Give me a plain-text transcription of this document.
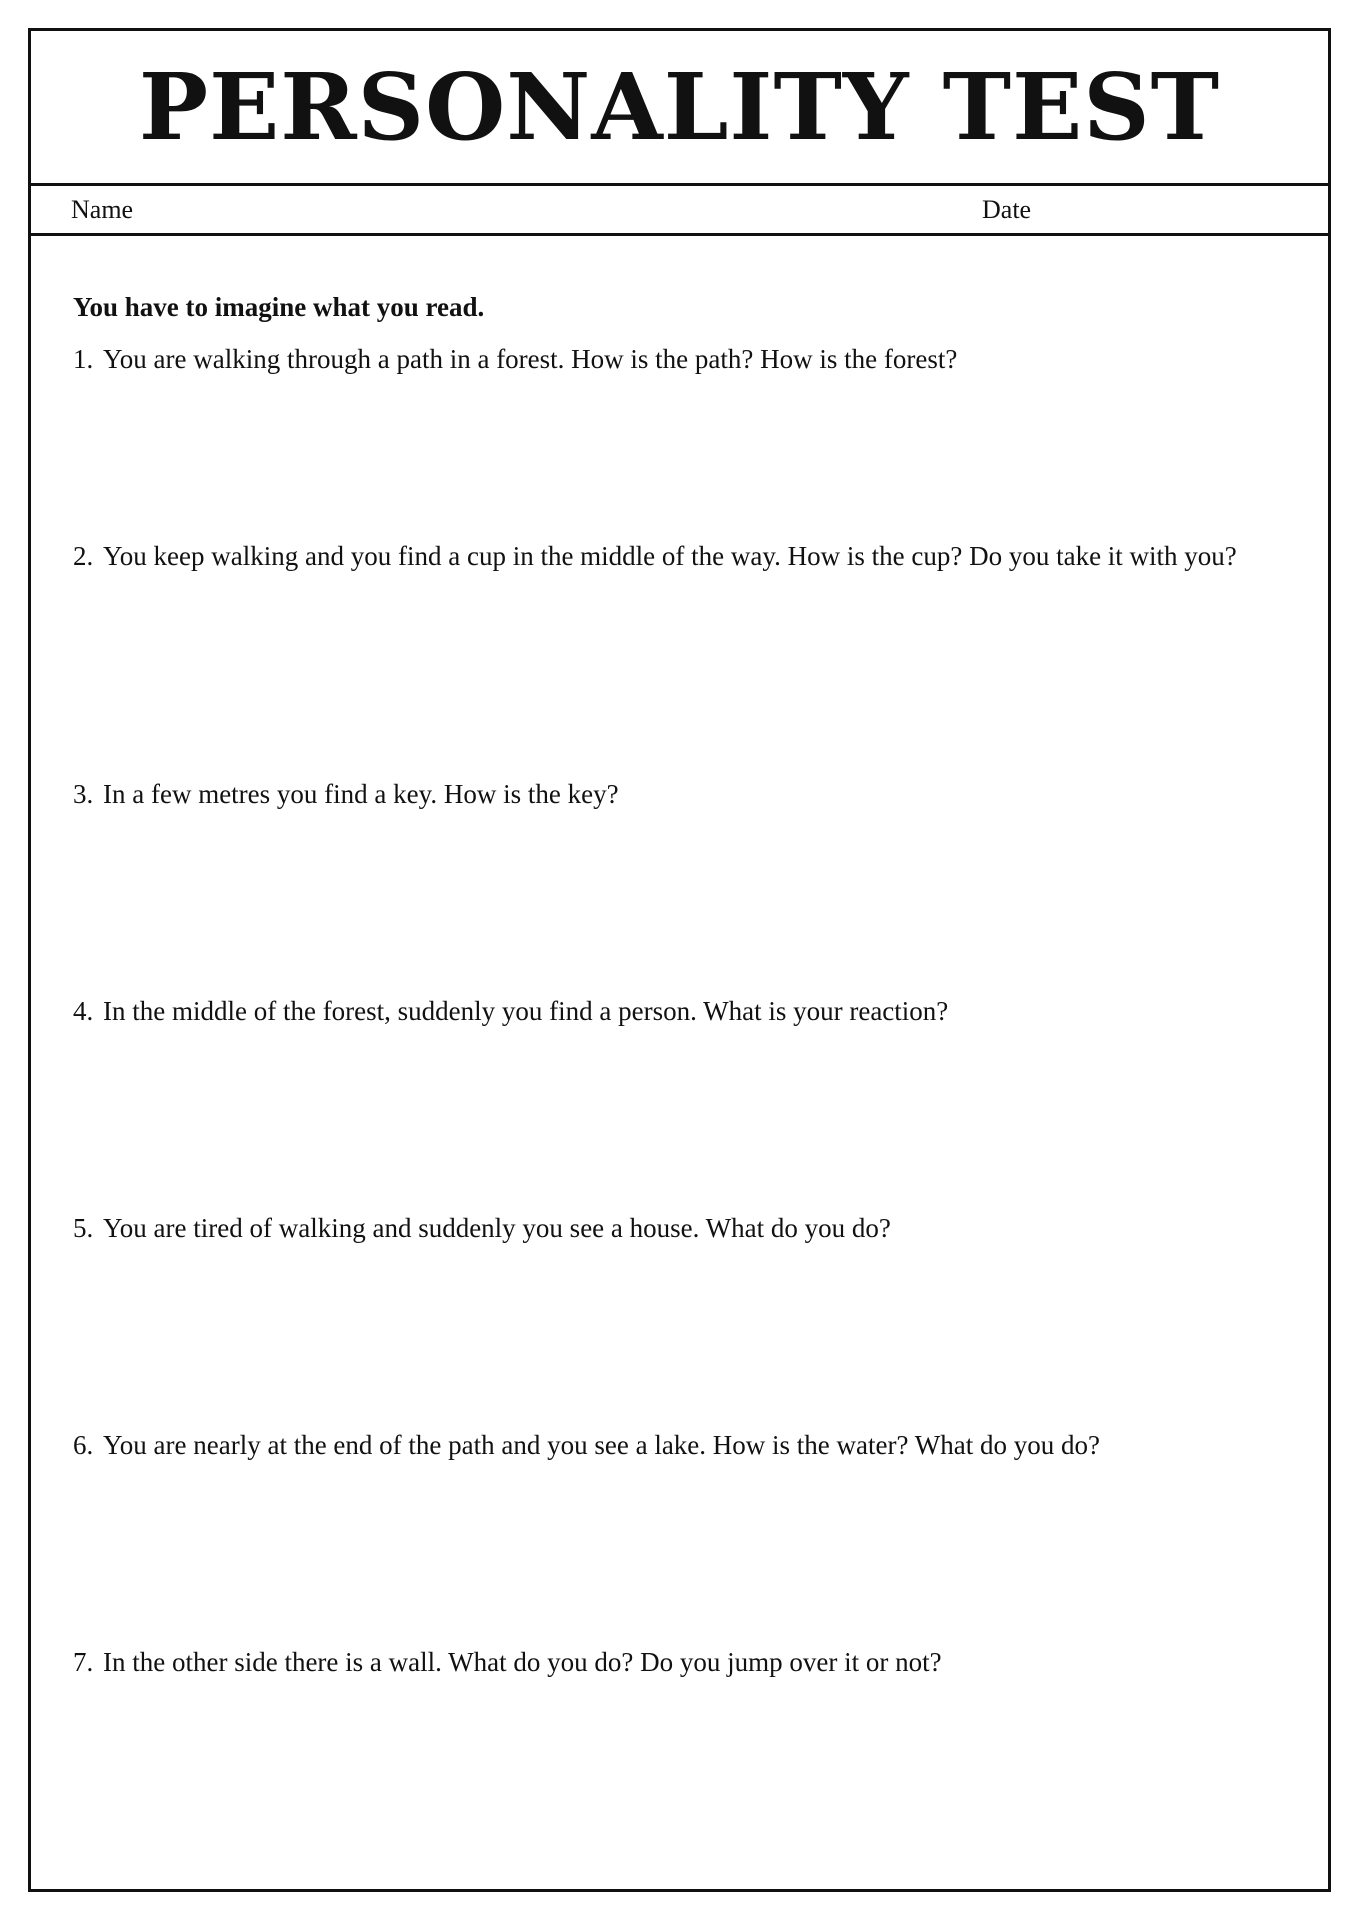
PERSONALITY TEST
Name	Date

You have to imagine what you read.

1. You are walking through a path in a forest. How is the path? How is the forest?

2. You keep walking and you find a cup in the middle of the way. How is the cup? Do you take it with you?

3. In a few metres you find a key. How is the key?

4. In the middle of the forest, suddenly you find a person. What is your reaction?

5. You are tired of walking and suddenly you see a house. What do you do?

6. You are nearly at the end of the path and you see a lake. How is the water? What do you do?

7. In the other side there is a wall. What do you do? Do you jump over it or not?
